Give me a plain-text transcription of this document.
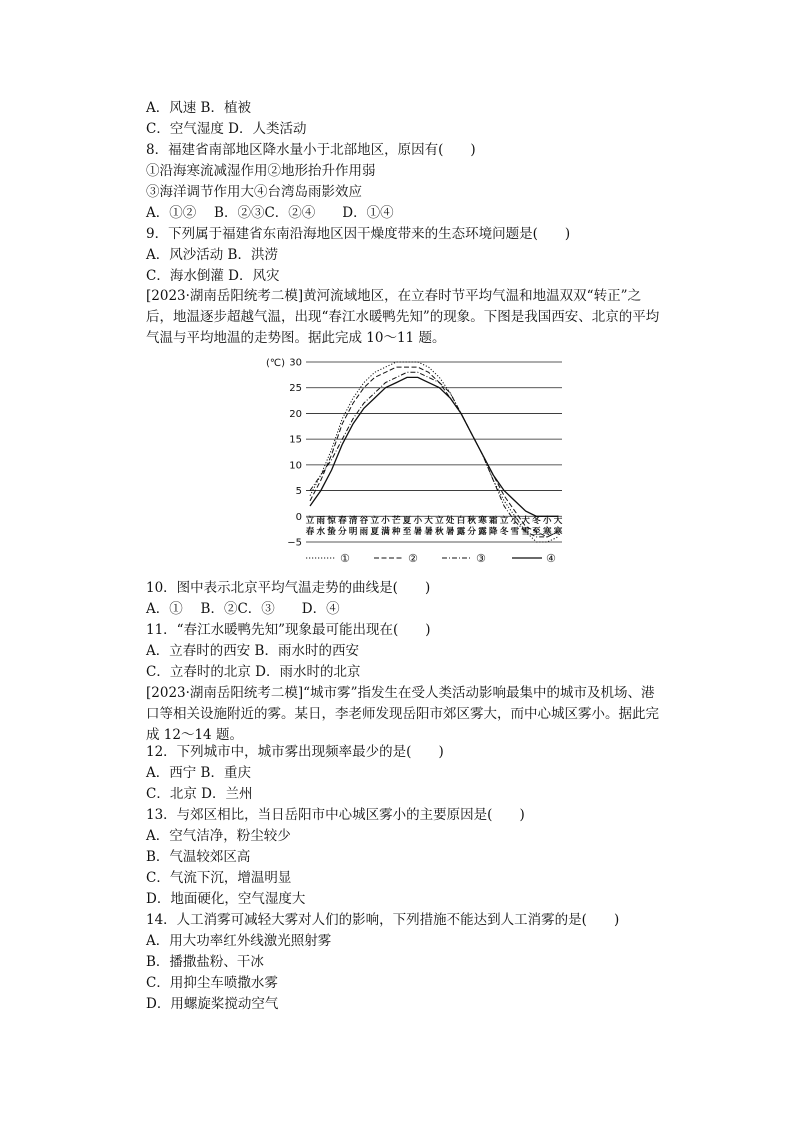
A．风速 B．植被
C．空气湿度 D．人类活动
8．福建省南部地区降水量小于北部地区，原因有(　　)
①沿海寒流减湿作用②地形抬升作用弱
③海洋调节作用大④台湾岛雨影效应
A．①②　 B．②③C．②④　　D．①④
9．下列属于福建省东南沿海地区因干燥度带来的生态环境问题是(　　)
A．风沙活动 B．洪涝
C．海水倒灌 D．风灾
[2023·湖南岳阳统考二模]黄河流域地区，在立春时节平均气温和地温双双“转正”之后，地温逐步超越气温，出现“春江水暖鸭先知”的现象。下图是我国西安、北京的平均气温与平均地温的走势图。据此完成 10～11 题。
(℃) 30
25
20
15
10
5
0
−5
立 雨 惊 春 清 谷 立 小 芒 夏 小 大 立 处 白 秋 寒 霜 立 小 大 冬 小 大
春 水 蛰 分 明 雨 夏 满 种 至 暑 暑 秋 暑 露 分 露 降 冬 雪 雪 至 寒 寒
①	②	③	④
10．图中表示北京平均气温走势的曲线是(　　)
A．①　 B．②C．③　　D．④
11．“春江水暖鸭先知”现象最可能出现在(　　)
A．立春时的西安 B．雨水时的西安
C．立春时的北京 D．雨水时的北京
[2023·湖南岳阳统考二模]“城市雾”指发生在受人类活动影响最集中的城市及机场、港口等相关设施附近的雾。某日，李老师发现岳阳市郊区雾大，而中心城区雾小。据此完成 12～14 题。
12．下列城市中，城市雾出现频率最少的是(　　)
A．西宁 B．重庆
C．北京 D．兰州
13．与郊区相比，当日岳阳市中心城区雾小的主要原因是(　　)
A．空气洁净，粉尘较少
B．气温较郊区高
C．气流下沉，增温明显
D．地面硬化，空气湿度大
14．人工消雾可减轻大雾对人们的影响，下列措施不能达到人工消雾的是(　　)
A．用大功率红外线激光照射雾
B．播撒盐粉、干冰
C．用抑尘车喷撒水雾
D．用螺旋桨搅动空气
